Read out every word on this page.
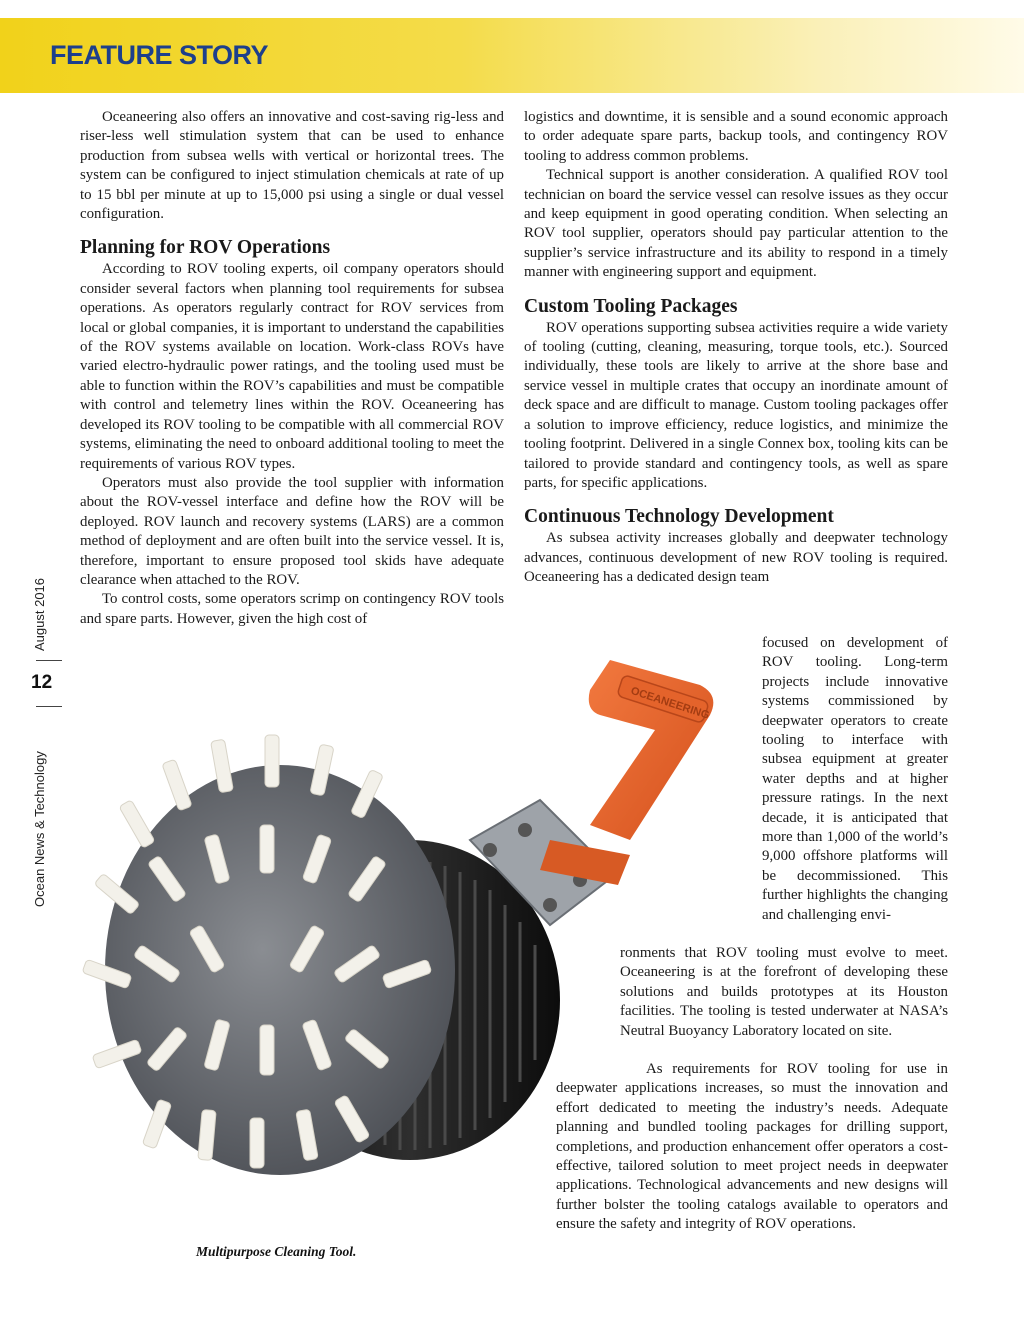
FEATURE STORY
August 2016
12
Ocean News & Technology

Oceaneering also offers an innovative and cost-saving rig-less and riser-less well stimulation system that can be used to enhance production from subsea wells with vertical or horizontal trees. The system can be configured to inject stimulation chemicals at rate of up to 15 bbl per minute at up to 15,000 psi using a single or dual vessel configuration.

Planning for ROV Operations

According to ROV tooling experts, oil company operators should consider several factors when planning tool requirements for subsea operations. As operators regularly contract for ROV services from local or global companies, it is important to understand the capabilities of the ROV systems available on location. Work-class ROVs have varied electro-hydraulic power ratings, and the tooling used must be able to function within the ROV’s capabilities and must be compatible with control and telemetry lines within the ROV. Oceaneering has developed its ROV tooling to be compatible with all commercial ROV systems, eliminating the need to onboard additional tooling to meet the requirements of various ROV types.

Operators must also provide the tool supplier with information about the ROV-vessel interface and define how the ROV will be deployed. ROV launch and recovery systems (LARS) are a common method of deployment and are often built into the service vessel. It is, therefore, important to ensure proposed tool skids have adequate clearance when attached to the ROV.

To control costs, some operators scrimp on contingency ROV tools and spare parts. However, given the high cost of

logistics and downtime, it is sensible and a sound economic approach to order adequate spare parts, backup tools, and contingency ROV tooling to address common problems.

Technical support is another consideration. A qualified ROV tool technician on board the service vessel can resolve issues as they occur and keep equipment in good operating condition. When selecting an ROV tool supplier, operators should pay particular attention to the supplier’s service infrastructure and its ability to respond in a timely manner with engineering support and equipment.

Custom Tooling Packages

ROV operations supporting subsea activities require a wide variety of tooling (cutting, cleaning, measuring, torque tools, etc.). Sourced individually, these tools are likely to arrive at the shore base and service vessel in multiple crates that occupy an inordinate amount of deck space and are difficult to manage. Custom tooling packages offer a solution to improve efficiency, reduce logistics, and minimize the tooling footprint. Delivered in a single Connex box, tooling kits can be tailored to provide standard and contingency tools, as well as spare parts, for specific applications.

Continuous Technology Development

As subsea activity increases globally and deepwater technology advances, continuous development of new ROV tooling is required. Oceaneering has a dedicated design team

focused on development of ROV tooling. Long-term projects include innovative systems commissioned by deepwater operators to create tooling to interface with subsea equipment at greater water depths and at higher pressure ratings. In the next decade, it is anticipated that more than 1,000 of the world’s 9,000 offshore platforms will be decommissioned. This further highlights the changing and challenging envi-
ronments that ROV tooling must evolve to meet. Oceaneering is at the forefront of developing these solutions and builds prototypes at its Houston facilities. The tooling is tested underwater at NASA’s Neutral Buoyancy Laboratory located on site.
As requirements for ROV tooling for use in deepwater applications increases, so must the innovation and effort dedicated to meeting the industry’s needs. Adequate planning and bundled tooling packages for drilling support, completions, and production enhancement offer operators a cost-effective, tailored solution to meet project needs in deepwater applications. Technological advancements and new designs will further bolster the tooling catalogs available to operators and ensure the safety and integrity of ROV operations.
OCEANEERING
Multipurpose Cleaning Tool.
